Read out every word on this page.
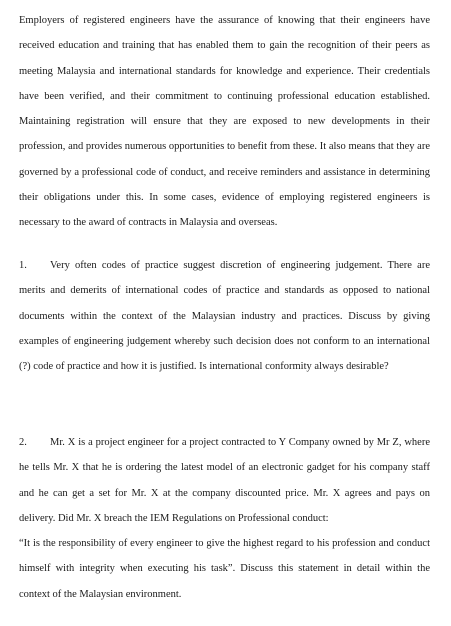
Employers of registered engineers have the assurance of knowing that their engineers have received education and training that has enabled them to gain the recognition of their peers as meeting Malaysia and international standards for knowledge and experience. Their credentials have been verified, and their commitment to continuing professional education established. Maintaining registration will ensure that they are exposed to new developments in their profession, and provides numerous opportunities to benefit from these. It also means that they are governed by a professional code of conduct, and receive reminders and assistance in determining their obligations under this. In some cases, evidence of employing registered engineers is necessary to the award of contracts in Malaysia and overseas.

1. Very often codes of practice suggest discretion of engineering judgement. There are merits and demerits of international codes of practice and standards as opposed to national documents within the context of the Malaysian industry and practices. Discuss by giving examples of engineering judgement whereby such decision does not conform to an international (?) code of practice and how it is justified. Is international conformity always desirable?
2. Mr. X is a project engineer for a project contracted to Y Company owned by Mr Z, where he tells Mr. X that he is ordering the latest model of an electronic gadget for his company staff and he can get a set for Mr. X at the company discounted price. Mr. X agrees and pays on delivery. Did Mr. X breach the IEM Regulations on Professional conduct:
“It is the responsibility of every engineer to give the highest regard to his profession and conduct himself with integrity when executing his task”. Discuss this statement in detail within the context of the Malaysian environment.
